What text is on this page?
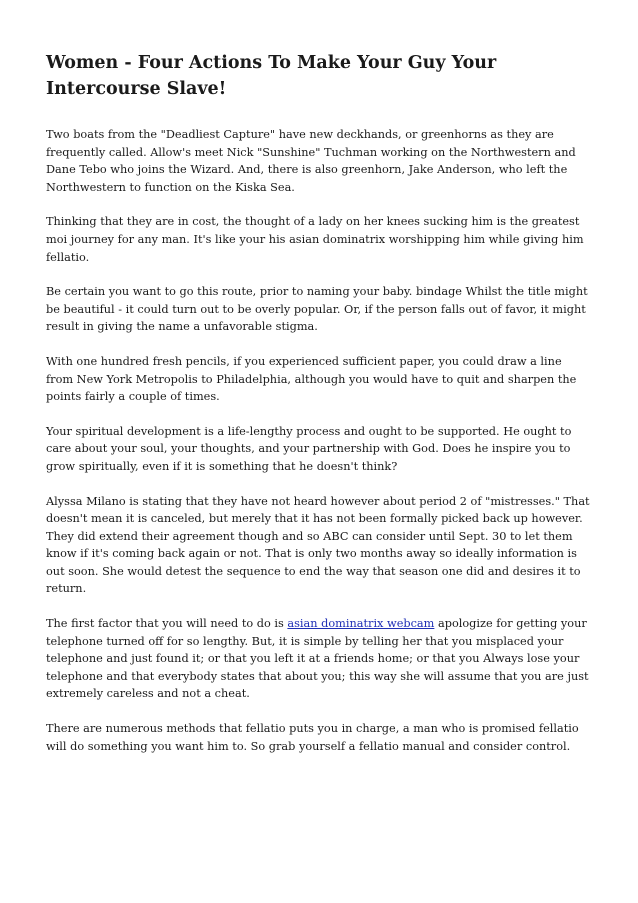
Women - Four Actions To Make Your Guy Your Intercourse Slave!

Two boats from the "Deadliest Capture" have new deckhands, or greenhorns as they are frequently called. Allow's meet Nick "Sunshine" Tuchman working on the Northwestern and Dane Tebo who joins the Wizard. And, there is also greenhorn, Jake Anderson, who left the Northwestern to function on the Kiska Sea.

Thinking that they are in cost, the thought of a lady on her knees sucking him is the greatest moi journey for any man. It's like your his asian dominatrix worshipping him while giving him fellatio.

Be certain you want to go this route, prior to naming your baby. bindage Whilst the title might be beautiful - it could turn out to be overly popular. Or, if the person falls out of favor, it might result in giving the name a unfavorable stigma.

With one hundred fresh pencils, if you experienced sufficient paper, you could draw a line from New York Metropolis to Philadelphia, although you would have to quit and sharpen the points fairly a couple of times.

Your spiritual development is a life-lengthy process and ought to be supported. He ought to care about your soul, your thoughts, and your partnership with God. Does he inspire you to grow spiritually, even if it is something that he doesn't think?

Alyssa Milano is stating that they have not heard however about period 2 of "mistresses." That doesn't mean it is canceled, but merely that it has not been formally picked back up however. They did extend their agreement though and so ABC can consider until Sept. 30 to let them know if it's coming back again or not. That is only two months away so ideally information is out soon. She would detest the sequence to end the way that season one did and desires it to return.

The first factor that you will need to do is asian dominatrix webcam apologize for getting your telephone turned off for so lengthy. But, it is simple by telling her that you misplaced your telephone and just found it; or that you left it at a friends home; or that you Always lose your telephone and that everybody states that about you; this way she will assume that you are just extremely careless and not a cheat.

There are numerous methods that fellatio puts you in charge, a man who is promised fellatio will do something you want him to. So grab yourself a fellatio manual and consider control.
